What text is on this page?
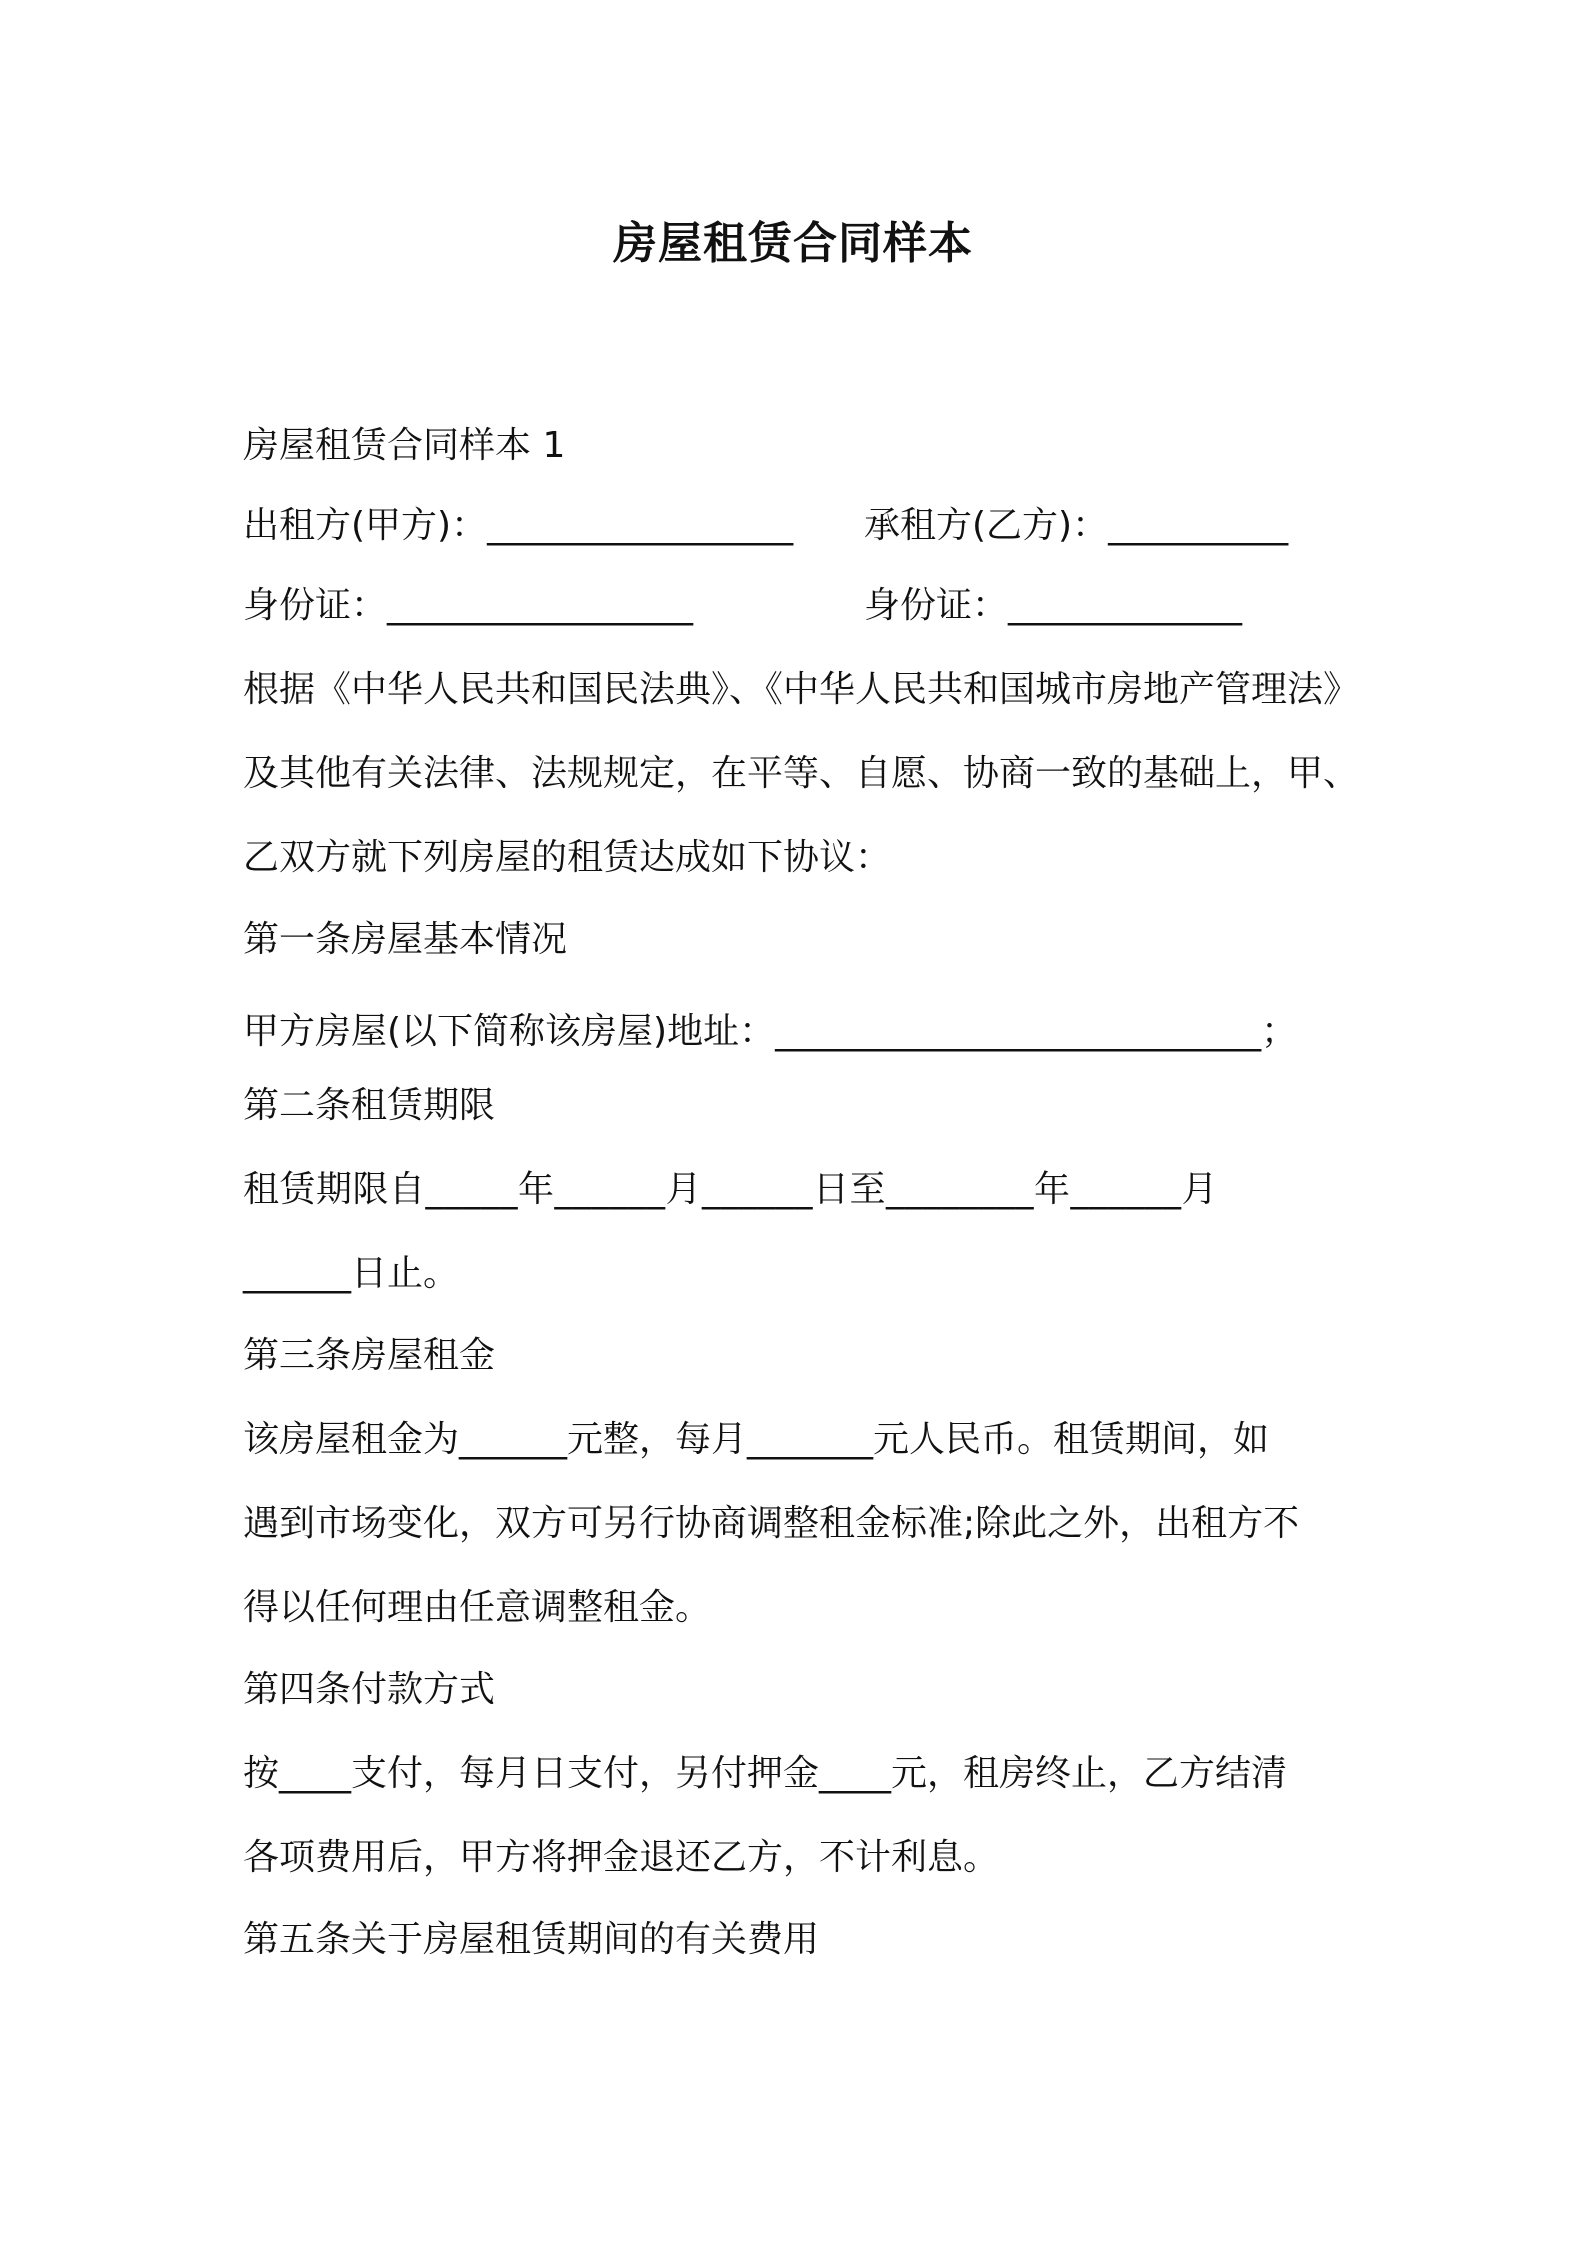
房屋租赁合同样本
房屋租赁合同样本 1
出租方(甲方)：_________________	承租方(乙方)：__________
身份证：_________________	身份证：_____________
根据《中华人民共和国民法典》、《中华人民共和国城市房地产管理法》
及其他有关法律、法规规定，在平等、自愿、协商一致的基础上，甲、
乙双方就下列房屋的租赁达成如下协议：
第一条房屋基本情况
甲方房屋(以下简称该房屋)地址：___________________________；
第二条租赁期限
租赁期限自_____年______月______日至________年______月
______日止。
第三条房屋租金
该房屋租金为______元整，每月_______元人民币。租赁期间，如
遇到市场变化，双方可另行协商调整租金标准;除此之外，出租方不
得以任何理由任意调整租金。
第四条付款方式
按____支付，每月日支付，另付押金____元，租房终止，乙方结清
各项费用后，甲方将押金退还乙方，不计利息。
第五条关于房屋租赁期间的有关费用
